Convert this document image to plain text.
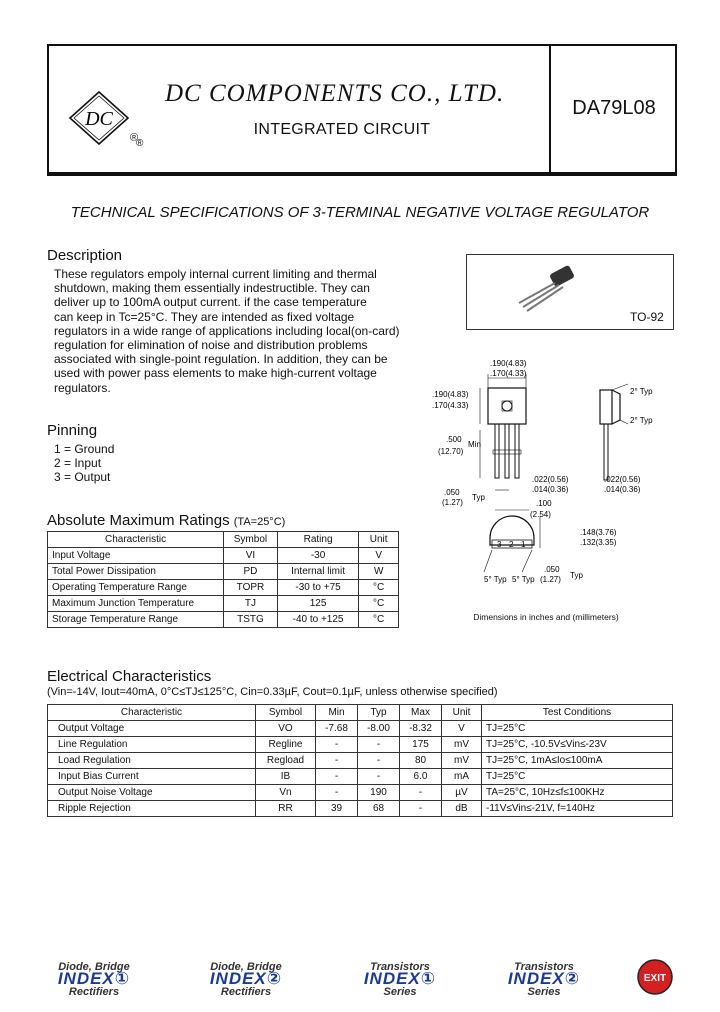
DC
®
®
DC COMPONENTS CO., LTD.
INTEGRATED CIRCUIT
DA79L08
TECHNICAL SPECIFICATIONS OF 3-TERMINAL NEGATIVE VOLTAGE REGULATOR
Description
These regulators empoly internal current limiting and thermal
shutdown, making them essentially indestructible. They can
deliver up to 100mA output current. if the case temperature
can keep in Tc=25°C. They are intended as fixed voltage
regulators in a wide range of applications including local(on-card)
regulation for elimination of noise and distribution problems
associated with single-point regulation. In addition, they can be
used with power pass elements to make high-current voltage
regulators.
Pinning
1 = Ground
2 = Input
3 = Output
TO-92
.190(4.83)
.170(4.33)
.190(4.83)
.170(4.33)
.500
(12.70)
Min
2° Typ
2° Typ
.022(0.56)
.014(0.36)
.022(0.56)
.014(0.36)
.050
(1.27)
Typ
.100
(2.54)
3 2 1
.148(3.76)
.132(3.35)
5° Typ 5° Typ
.050
(1.27) Typ
Dimensions in inches and (millimeters)
Absolute Maximum Ratings (TA=25°C)
Characteristic	Symbol	Rating	Unit
Input Voltage	VI	-30	V
Total Power Dissipation	PD	Internal limit	W
Operating Temperature Range	TOPR	-30 to +75	°C
Maximum Junction Temperature	TJ	125	°C
Storage Temperature Range	TSTG	-40 to +125	°C
Electrical Characteristics
(Vin=-14V, Iout=40mA, 0°C≤TJ≤125°C, Cin=0.33µF, Cout=0.1µF, unless otherwise specified)
Characteristic	Symbol	Min	Typ	Max	Unit	Test Conditions
Output Voltage	VO	-7.68	-8.00	-8.32	V	TJ=25°C
Line Regulation	Regline	-	-	175	mV	TJ=25°C, -10.5V≤Vin≤-23V
Load Regulation	Regload	-	-	80	mV	TJ=25°C, 1mA≤Io≤100mA
Input Bias Current	IB	-	-	6.0	mA	TJ=25°C
Output Noise Voltage	Vn	-	190	-	µV	TA=25°C, 10Hz≤f≤100KHz
Ripple Rejection	RR	39	68	-	dB	-11V≤Vin≤-21V, f=140Hz
Diode, Bridge
INDEX①
Rectifiers
Diode, Bridge
INDEX②
Rectifiers
Transistors
INDEX①
Series
Transistors
INDEX②
Series
EXIT
